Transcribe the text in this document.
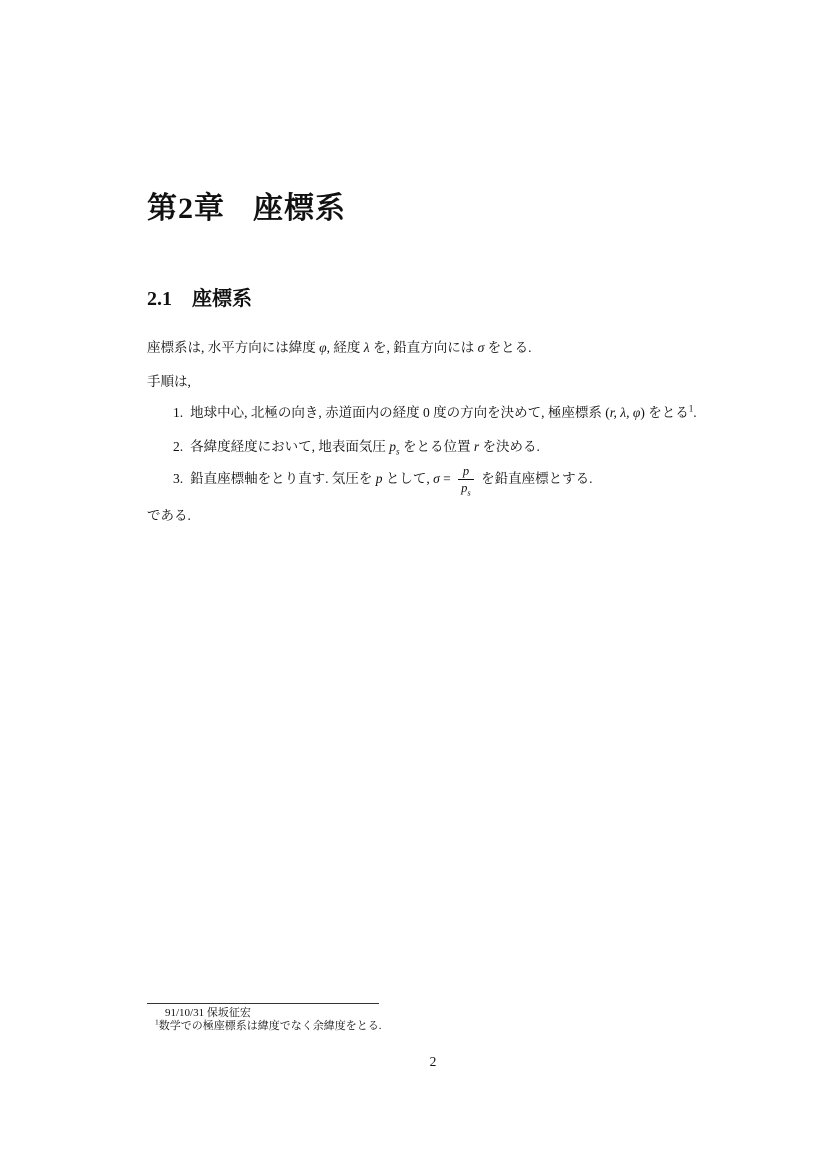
第2章 座標系
2.1 座標系

座標系は, 水平方向には緯度 φ, 経度 λ を, 鉛直方向には σ をとる.

手順は,

1. 地球中心, 北極の向き, 赤道面内の経度 0 度の方向を決めて, 極座標系 (r, λ, φ) をとる$^1$.
2. 各緯度経度において, 地表面気圧 $p_s$ をとる位置 r を決める.
3. 鉛直座標軸をとり直す. 気圧を p として, $\sigma = \frac{p}{p_s}$ を鉛直座標とする.

である.

91/10/31 保坂征宏
$^1$数学での極座標系は緯度でなく余緯度をとる.
2
